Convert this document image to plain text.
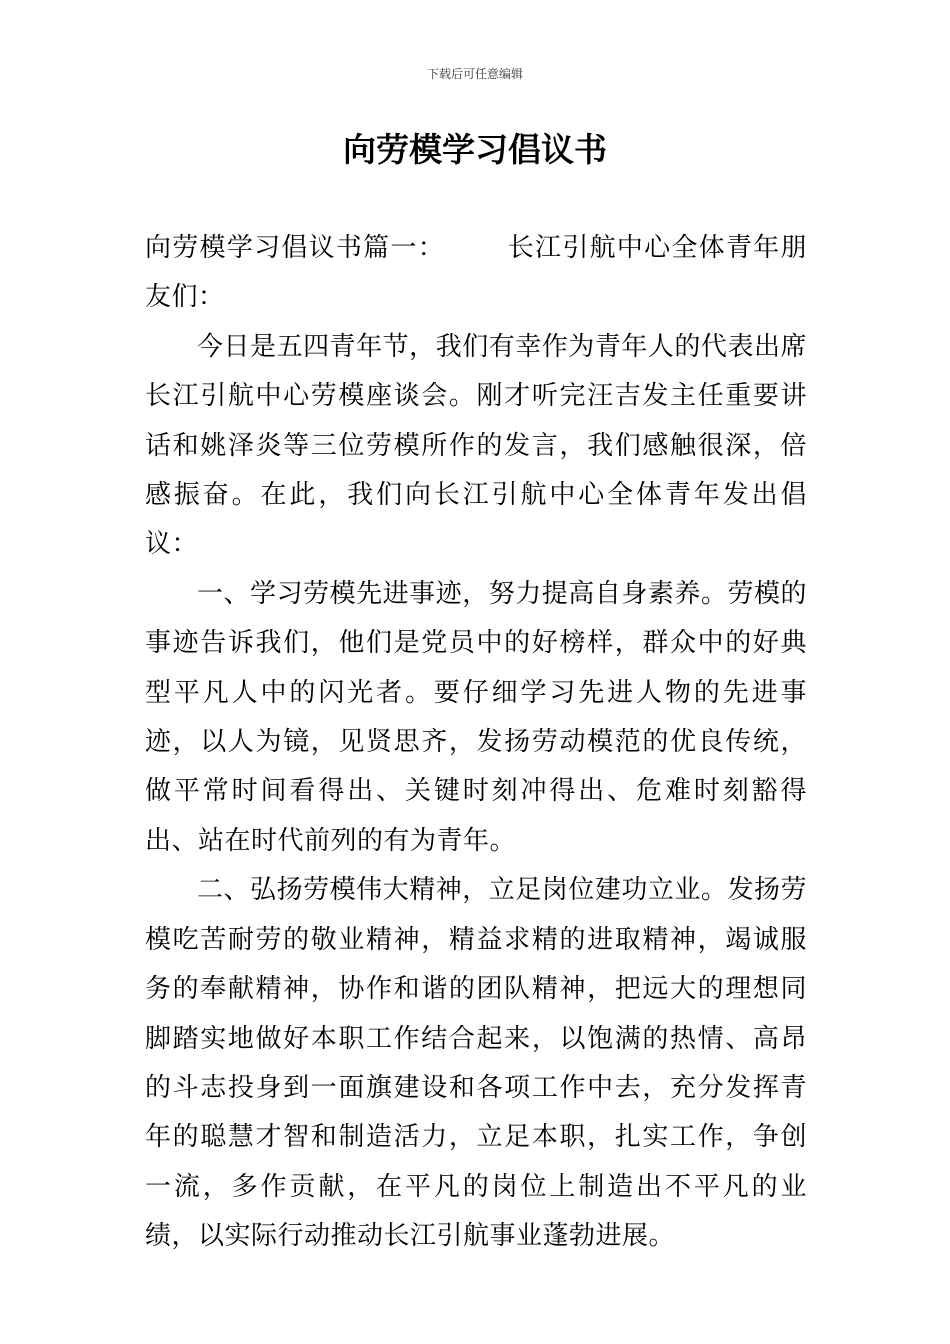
下载后可任意编辑
向劳模学习倡议书

向劳模学习倡议书篇一： 长江引航中心全体青年朋友们：

今日是五四青年节，我们有幸作为青年人的代表出席长江引航中心劳模座谈会。刚才听完汪吉发主任重要讲话和姚泽炎等三位劳模所作的发言，我们感触很深，倍感振奋。在此，我们向长江引航中心全体青年发出倡议：

一、学习劳模先进事迹，努力提高自身素养。劳模的事迹告诉我们，他们是党员中的好榜样，群众中的好典型平凡人中的闪光者。要仔细学习先进人物的先进事迹，以人为镜，见贤思齐，发扬劳动模范的优良传统，做平常时间看得出、关键时刻冲得出、危难时刻豁得出、站在时代前列的有为青年。

二、弘扬劳模伟大精神，立足岗位建功立业。发扬劳模吃苦耐劳的敬业精神，精益求精的进取精神，竭诚服务的奉献精神，协作和谐的团队精神，把远大的理想同脚踏实地做好本职工作结合起来，以饱满的热情、高昂的斗志投身到一面旗建设和各项工作中去，充分发挥青年的聪慧才智和制造活力，立足本职，扎实工作，争创一流，多作贡献，在平凡的岗位上制造出不平凡的业绩，以实际行动推动长江引航事业蓬勃进展。
